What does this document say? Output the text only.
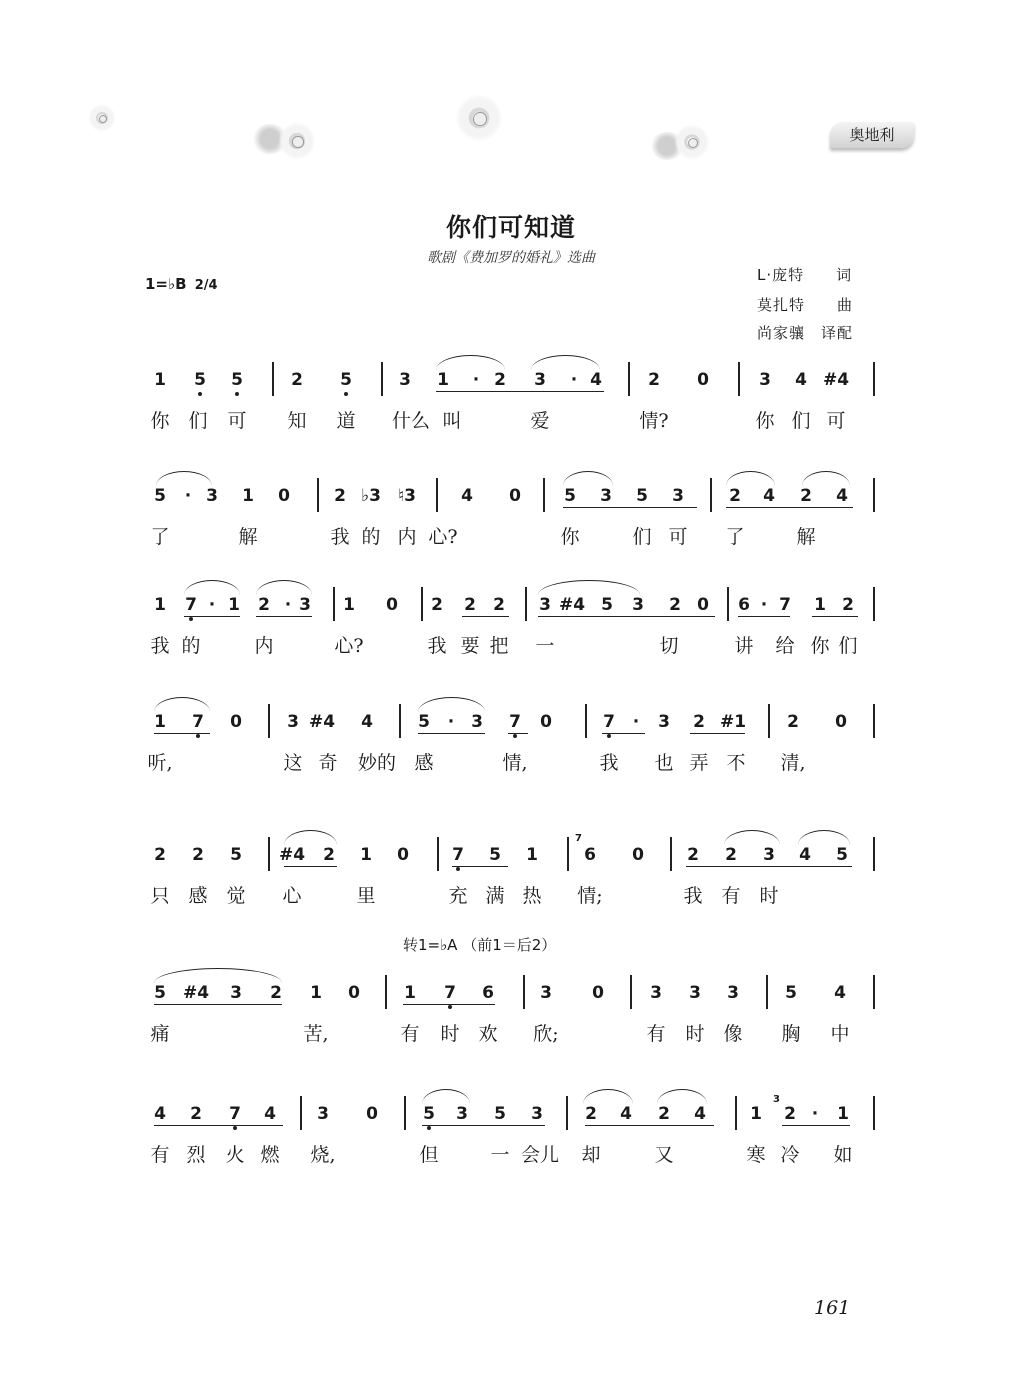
奥地利
你们可知道
歌剧《费加罗的婚礼》选曲
1=♭B 2/4
L·庞特　　词
莫扎特　　曲
尚家骧　译配
1 5 5	2 5	3 1 · 2 3 · 4	2 0	3 4 #4
你 们 可 知 道 什么 叫	爱	情?	你 们 可
5 · 3 1 0	2 ♭3 ♮3	4 0	5 3 5 3	2 4 2 4
了	解	我 的 内 心?	你	们 可 了	解
1 7 · 1 2 · 3 1 0 2 2 2 3 #4 5 3 2 0 6 · 7 1 2
我 的	内	心?	我 要 把 一	切	讲 给 你 们
1 7 0	3 #4 4	5 · 3 7 0	7 · 3 2 #1 2 0
听,	这 奇 妙的 感	情,	我 也 弄 不 清,
2 2 5 #4 2 1 0	7 5 1	6 0	2 2 3 4 5
只 感 觉 心	里	充 满 热 情;	我 有 时
5 #4 3 2 1 0	1 7 6	3 0	3 3 3	5 4
痛	苦,	有 时 欢 欣;	有 时 像 胸 中
4 2 7 4 3 0	5 3 5 3 2 4 2 4	1 2 · 1
有 烈 火 燃 烧,	但	一 会儿 却	又	寒 冷 如
7
3
转1=♭A （前1＝后2）
161
